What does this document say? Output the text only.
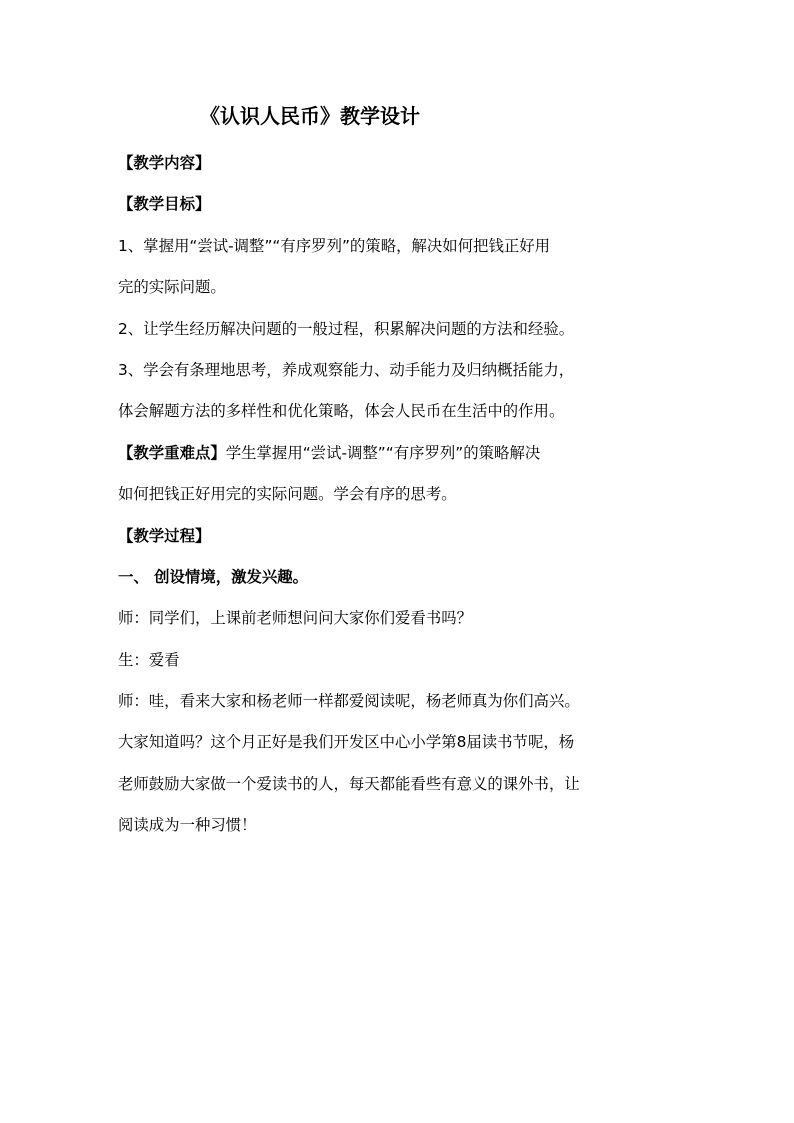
《认识人民币》教学设计
【教学内容】
【教学目标】
1、掌握用“尝试-调整”“有序罗列”的策略，解决如何把钱正好用
完的实际问题。
2、让学生经历解决问题的一般过程，积累解决问题的方法和经验。
3、学会有条理地思考，养成观察能力、动手能力及归纳概括能力，
体会解题方法的多样性和优化策略，体会人民币在生活中的作用。
【教学重难点】学生掌握用“尝试-调整”“有序罗列”的策略解决
如何把钱正好用完的实际问题。学会有序的思考。
【教学过程】
一、 创设情境，激发兴趣。
师：同学们，上课前老师想问问大家你们爱看书吗？
生：爱看
师：哇，看来大家和杨老师一样都爱阅读呢，杨老师真为你们高兴。
大家知道吗？这个月正好是我们开发区中心小学第8届读书节呢，杨
老师鼓励大家做一个爱读书的人，每天都能看些有意义的课外书，让
阅读成为一种习惯！
